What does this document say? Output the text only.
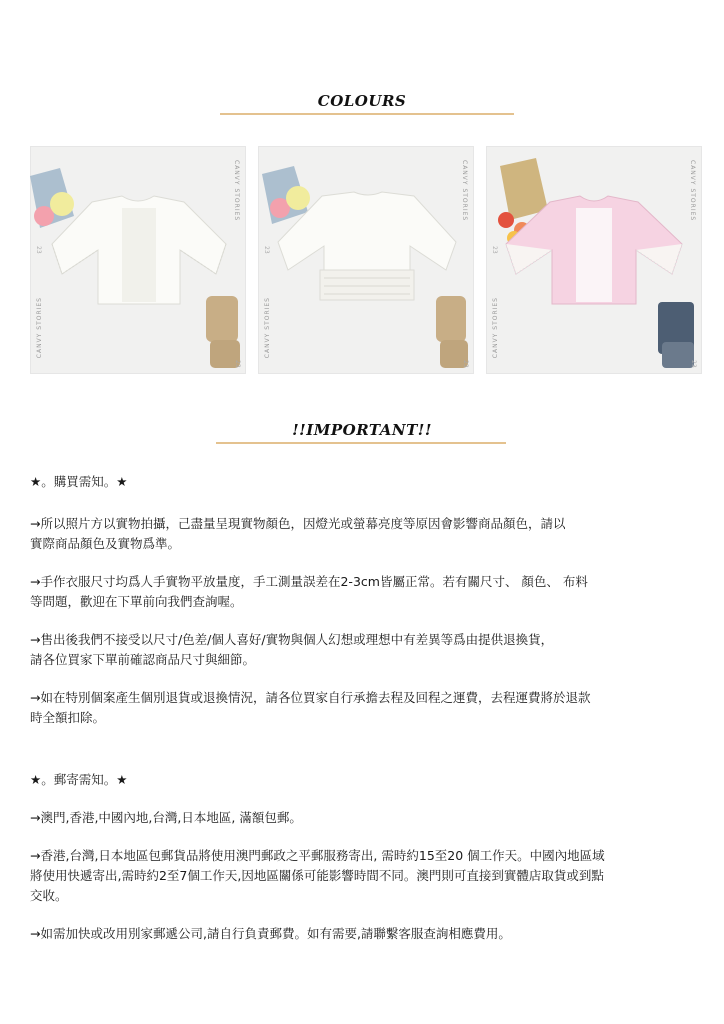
COLOURS
CANVY STORIES
CANVY STORIES
23
23
CANVY STORIES
CANVY STORIES
23
23
CANVY STORIES
CANVY STORIES
23
23
!!IMPORTANT!!

★。購買需知。★

→所以照片方以實物拍攝，己盡量呈現實物顏色，因燈光或螢幕亮度等原因會影響商品顏色，請以
實際商品顏色及實物爲準。

→手作衣服尺寸均爲人手實物平放量度，手工測量誤差在2-3cm皆屬正常。若有關尺寸、 顏色、 布料
等問題，歡迎在下單前向我們查詢喔。

→售出後我們不接受以尺寸/色差/個人喜好/實物與個人幻想或理想中有差異等爲由提供退換貨，
請各位買家下單前確認商品尺寸與細節。

→如在特別個案產生個別退貨或退換情況，請各位買家自行承擔去程及回程之運費，去程運費將於退款
時全額扣除。

★。郵寄需知。★

→澳門,香港,中國內地,台灣,日本地區, 滿額包郵。

→香港,台灣,日本地區包郵貨品將使用澳門郵政之平郵服務寄出, 需時約15至20 個工作天。中國內地區域
將使用快遞寄出,需時約2至7個工作天,因地區關係可能影響時間不同。澳門則可直接到實體店取貨或到點
交收。

→如需加快或改用別家郵遞公司,請自行負責郵費。如有需要,請聯繫客服查詢相應費用。
